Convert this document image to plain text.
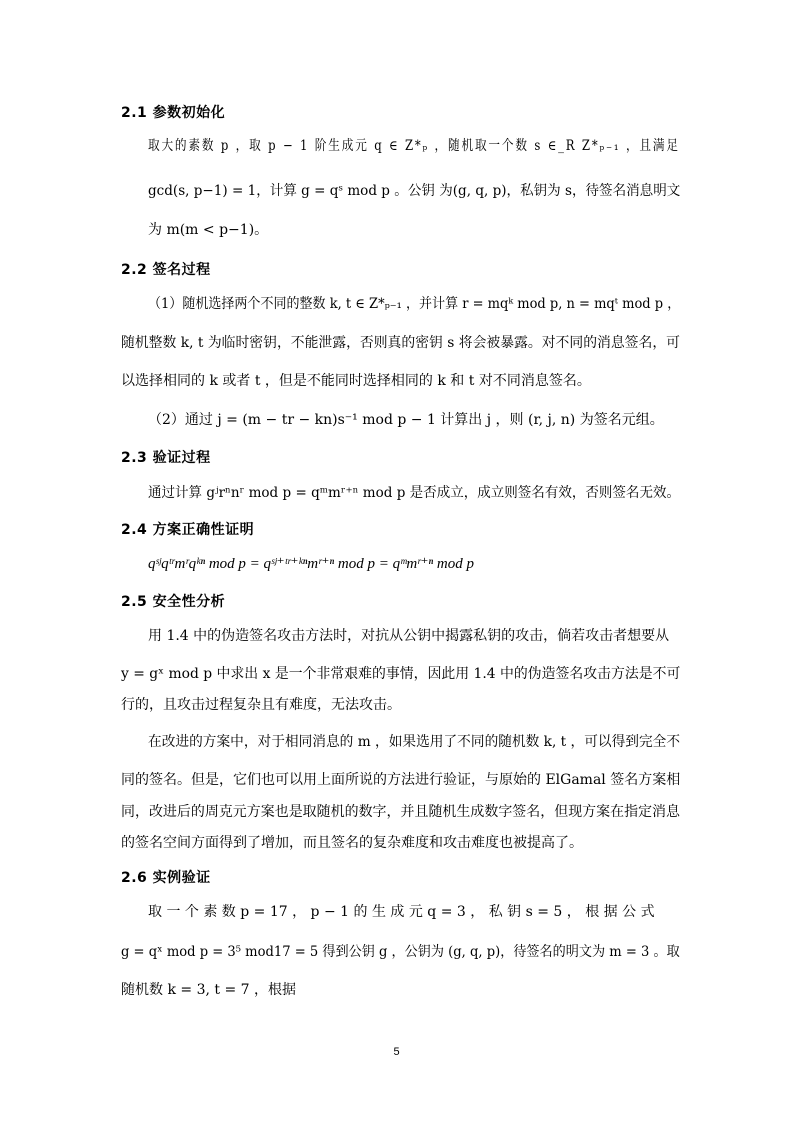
2.1 参数初始化
取大的素数 p ，取 p − 1 阶生成元 q ∈ Z*ₚ ，随机取一个数 s ∈_R Z*ₚ₋₁ ，且满足
gcd(s, p−1) = 1，计算 g = qˢ mod p 。公钥 为(g, q, p)，私钥为 s，待签名消息明文
为 m(m < p−1)。
2.2 签名过程
（1）随机选择两个不同的整数 k, t ∈ Z*ₚ₋₁ ，并计算 r = mqᵏ mod p, n = mqᵗ mod p ，
随机整数 k, t 为临时密钥，不能泄露，否则真的密钥 s 将会被暴露。对不同的消息签名，可
以选择相同的 k 或者 t ，但是不能同时选择相同的 k 和 t 对不同消息签名。
（2）通过 j = (m − tr − kn)s⁻¹ mod p − 1 计算出 j ，则 (r, j, n) 为签名元组。
2.3 验证过程
通过计算 gʲrⁿnʳ mod p = qᵐmʳ⁺ⁿ mod p 是否成立，成立则签名有效，否则签名无效。
2.4 方案正确性证明
qˢʲqᵗʳmʳqᵏⁿ mod p = qˢʲ⁺ᵗʳ⁺ᵏⁿmʳ⁺ⁿ mod p = qᵐmʳ⁺ⁿ mod p
2.5 安全性分析
用 1.4 中的伪造签名攻击方法时，对抗从公钥中揭露私钥的攻击，倘若攻击者想要从
y = gˣ mod p 中求出 x 是一个非常艰难的事情，因此用 1.4 中的伪造签名攻击方法是不可
行的，且攻击过程复杂且有难度，无法攻击。
在改进的方案中，对于相同消息的 m ，如果选用了不同的随机数 k, t ，可以得到完全不
同的签名。但是，它们也可以用上面所说的方法进行验证，与原始的 ElGamal 签名方案相
同，改进后的周克元方案也是取随机的数字，并且随机生成数字签名，但现方案在指定消息
的签名空间方面得到了增加，而且签名的复杂难度和攻击难度也被提高了。
2.6 实例验证
取 一 个 素 数 p = 17 ， p − 1 的 生 成 元 q = 3 ， 私 钥 s = 5 ， 根 据 公 式
g = qˣ mod p = 3⁵ mod17 = 5 得到公钥 g ，公钥为 (g, q, p)，待签名的明文为 m = 3 。取
随机数 k = 3, t = 7 ，根据
5
